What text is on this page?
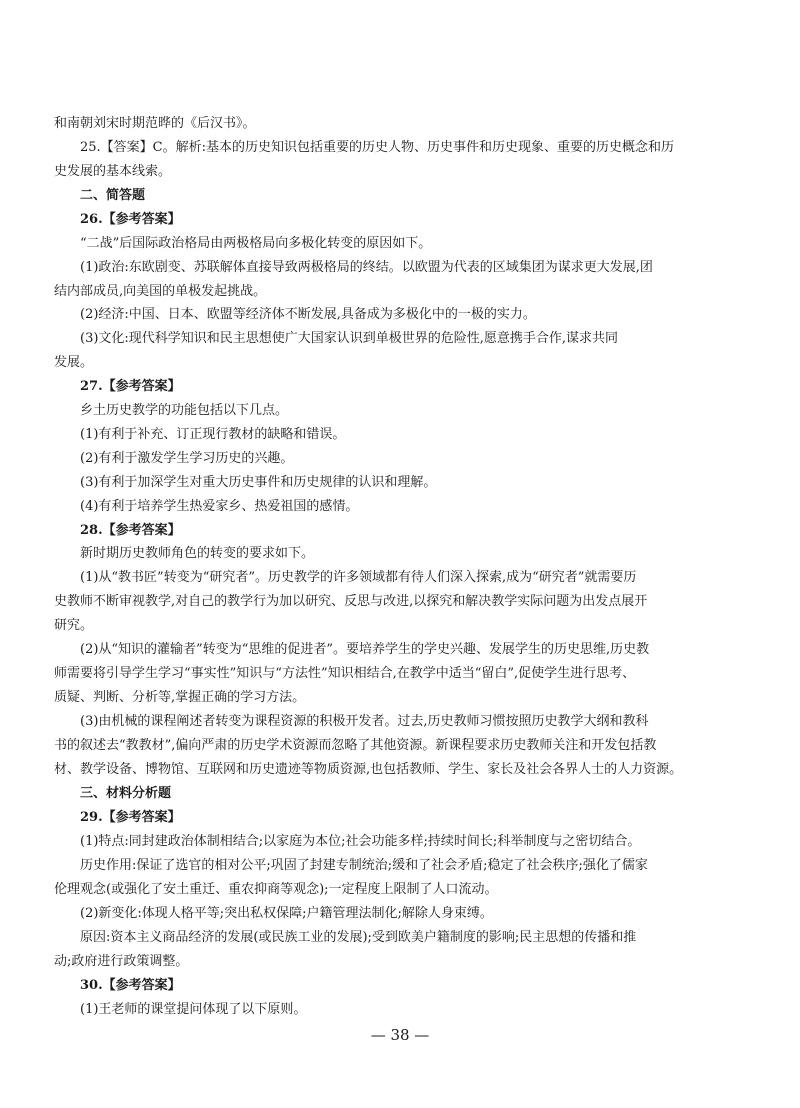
和南朝刘宋时期范晔的《后汉书》。
25.【答案】C。解析:基本的历史知识包括重要的历史人物、历史事件和历史现象、重要的历史概念和历
史发展的基本线索。
二、简答题
26.【参考答案】
“二战”后国际政治格局由两极格局向多极化转变的原因如下。
(1)政治:东欧剧变、苏联解体直接导致两极格局的终结。以欧盟为代表的区域集团为谋求更大发展,团
结内部成员,向美国的单极发起挑战。
(2)经济:中国、日本、欧盟等经济体不断发展,具备成为多极化中的一极的实力。
(3)文化:现代科学知识和民主思想使广大国家认识到单极世界的危险性,愿意携手合作,谋求共同
发展。
27.【参考答案】
乡土历史教学的功能包括以下几点。
(1)有利于补充、订正现行教材的缺略和错误。
(2)有利于激发学生学习历史的兴趣。
(3)有利于加深学生对重大历史事件和历史规律的认识和理解。
(4)有利于培养学生热爱家乡、热爱祖国的感情。
28.【参考答案】
新时期历史教师角色的转变的要求如下。
(1)从“教书匠”转变为“研究者”。历史教学的许多领域都有待人们深入探索,成为“研究者”就需要历
史教师不断审视教学,对自己的教学行为加以研究、反思与改进,以探究和解决教学实际问题为出发点展开
研究。
(2)从“知识的灌输者”转变为“思维的促进者”。要培养学生的学史兴趣、发展学生的历史思维,历史教
师需要将引导学生学习“事实性”知识与“方法性”知识相结合,在教学中适当“留白”,促使学生进行思考、
质疑、判断、分析等,掌握正确的学习方法。
(3)由机械的课程阐述者转变为课程资源的积极开发者。过去,历史教师习惯按照历史教学大纲和教科
书的叙述去“教教材”,偏向严肃的历史学术资源而忽略了其他资源。新课程要求历史教师关注和开发包括教
材、教学设备、博物馆、互联网和历史遗迹等物质资源,也包括教师、学生、家长及社会各界人士的人力资源。
三、材料分析题
29.【参考答案】
(1)特点:同封建政治体制相结合;以家庭为本位;社会功能多样;持续时间长;科举制度与之密切结合。
历史作用:保证了选官的相对公平;巩固了封建专制统治;缓和了社会矛盾;稳定了社会秩序;强化了儒家
伦理观念(或强化了安土重迁、重农抑商等观念);一定程度上限制了人口流动。
(2)新变化:体现人格平等;突出私权保障;户籍管理法制化;解除人身束缚。
原因:资本主义商品经济的发展(或民族工业的发展);受到欧美户籍制度的影响;民主思想的传播和推
动;政府进行政策调整。
30.【参考答案】
(1)王老师的课堂提问体现了以下原则。
— 38 —
